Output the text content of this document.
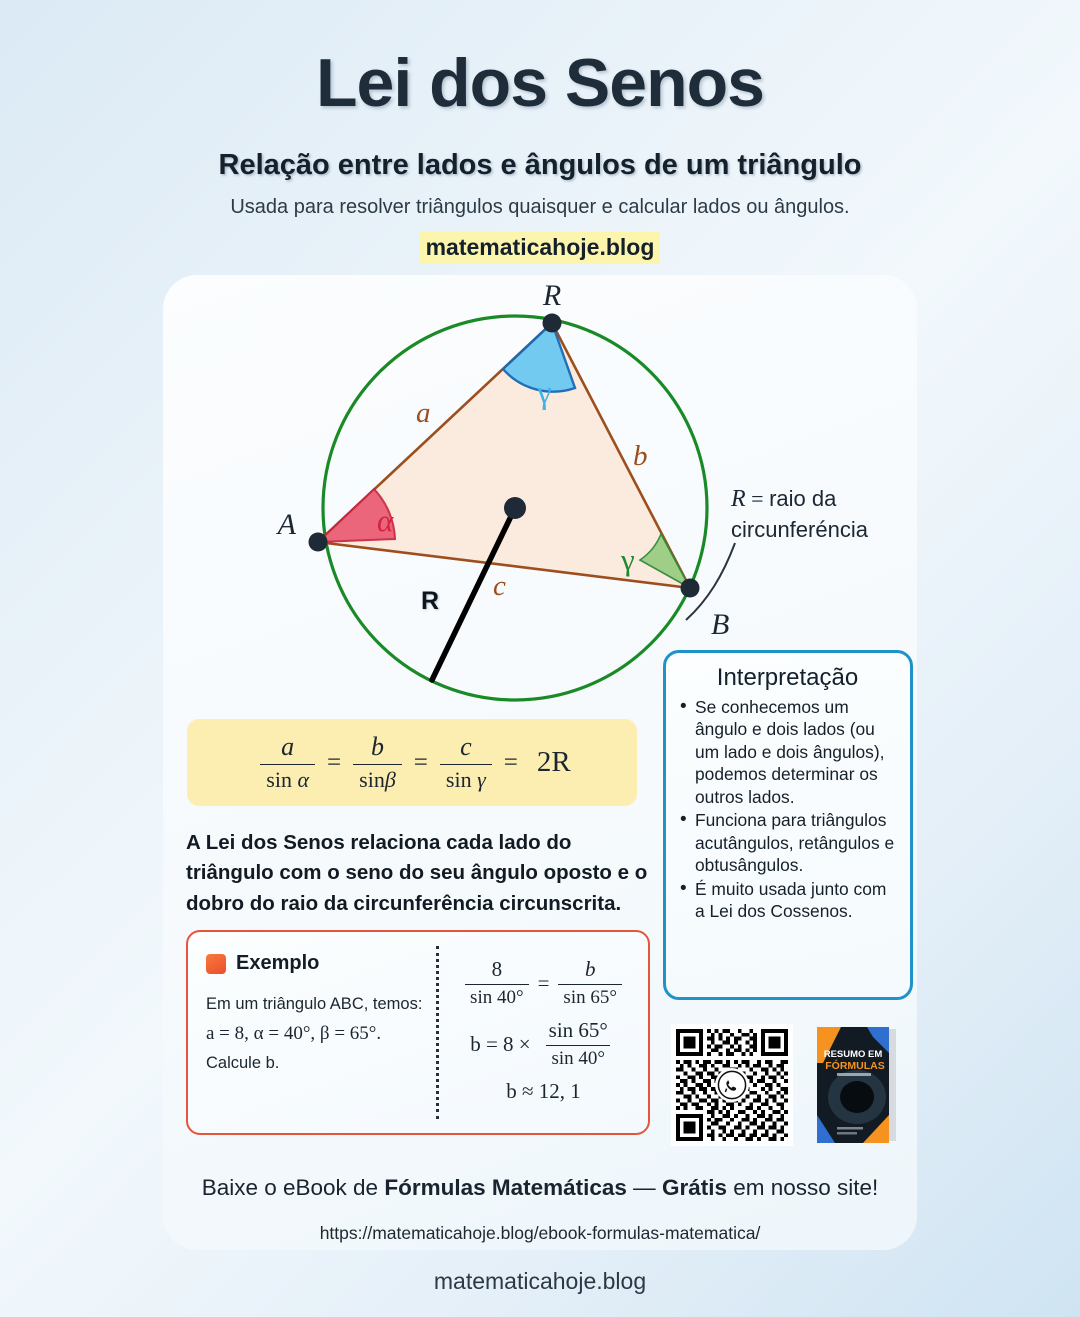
Lei dos Senos
Relação entre lados e ângulos de um triângulo
Usada para resolver triângulos quaisquer e calcular lados ou ângulos.
matematicahoje.blog
A
B
R
a
b
c
α
γ
γ
R
R = raio da
circunferéncia
$\frac{a}{\text{sin α}} = \frac{b}{\sin\beta} = \frac{c}{\text{sin γ}} = 2R$
A Lei dos Senos relaciona cada lado do triângulo com o seno do seu ângulo oposto e o dobro do raio da circunferência circunscrita.
Exemplo
Em um triângulo ABC, temos:
a = 8, α = 40°, β = 65°.
Calcule b.
$\frac{8}{\sin 40^\circ} = \frac{b}{\sin 65^\circ}$
$b = 8 \times \frac{\sin 65^\circ}{\sin 40^\circ}$
b ≈ 12, 1
Interpretação
• Se conhecemos um ângulo e dois lados (ou um lado e dois ângulos), podemos determinar os outros lados.
• Funciona para triângulos acutângulos, retângulos e obtusângulos.
• É muito usada junto com a Lei dos Cossenos.
RESUMO EM
FÓRMULAS
Baixe o eBook de Fórmulas Matemáticas — Grátis em nosso site!
https://matematicahoje.blog/ebook-formulas-matematica/
matematicahoje.blog
